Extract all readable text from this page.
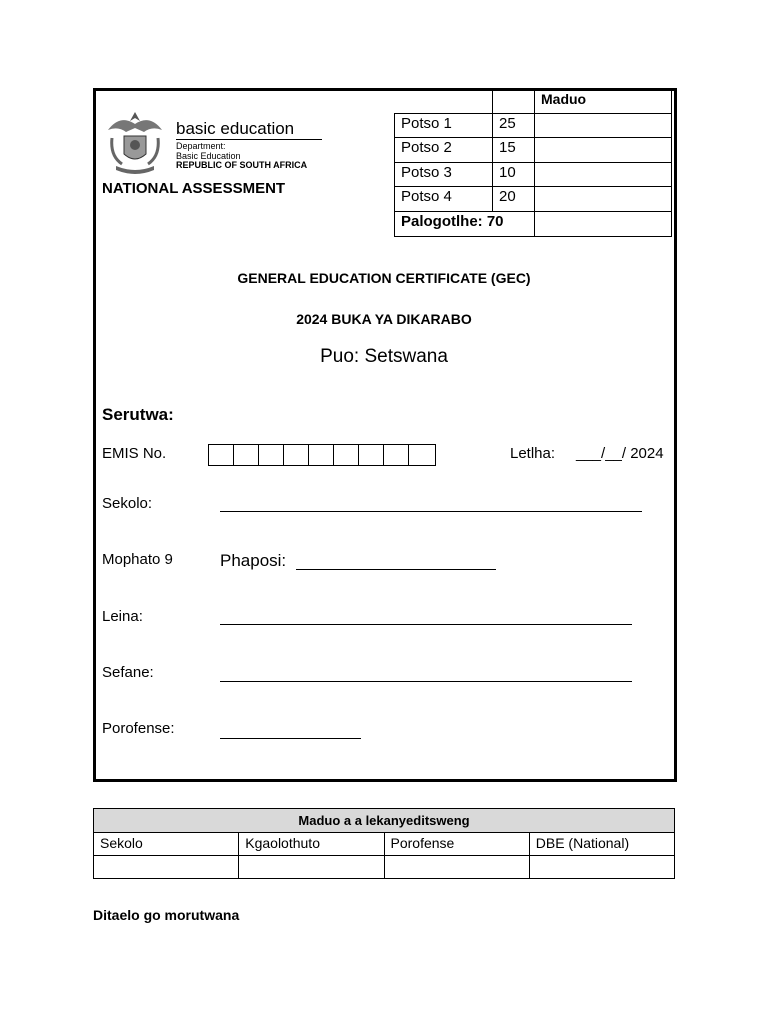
basic education
Department:
Basic Education
REPUBLIC OF SOUTH AFRICA
NATIONAL ASSESSMENT
		Maduo
Potso 1	25	
Potso 2	15	
Potso 3	10	
Potso 4	20	
Palogotlhe: 70		
GENERAL EDUCATION CERTIFICATE (GEC)
2024 BUKA YA DIKARABO
Puo: Setswana
Serutwa:
EMIS No.	Letlha: ___/__/ 2024
Sekolo:
Mophato 9	Phaposi:
Leina:
Sefane:
Porofense:
Maduo a a lekanyeditsweng			
Sekolo	Kgaolothuto	Porofense	DBE (National)

Ditaelo go morutwana
